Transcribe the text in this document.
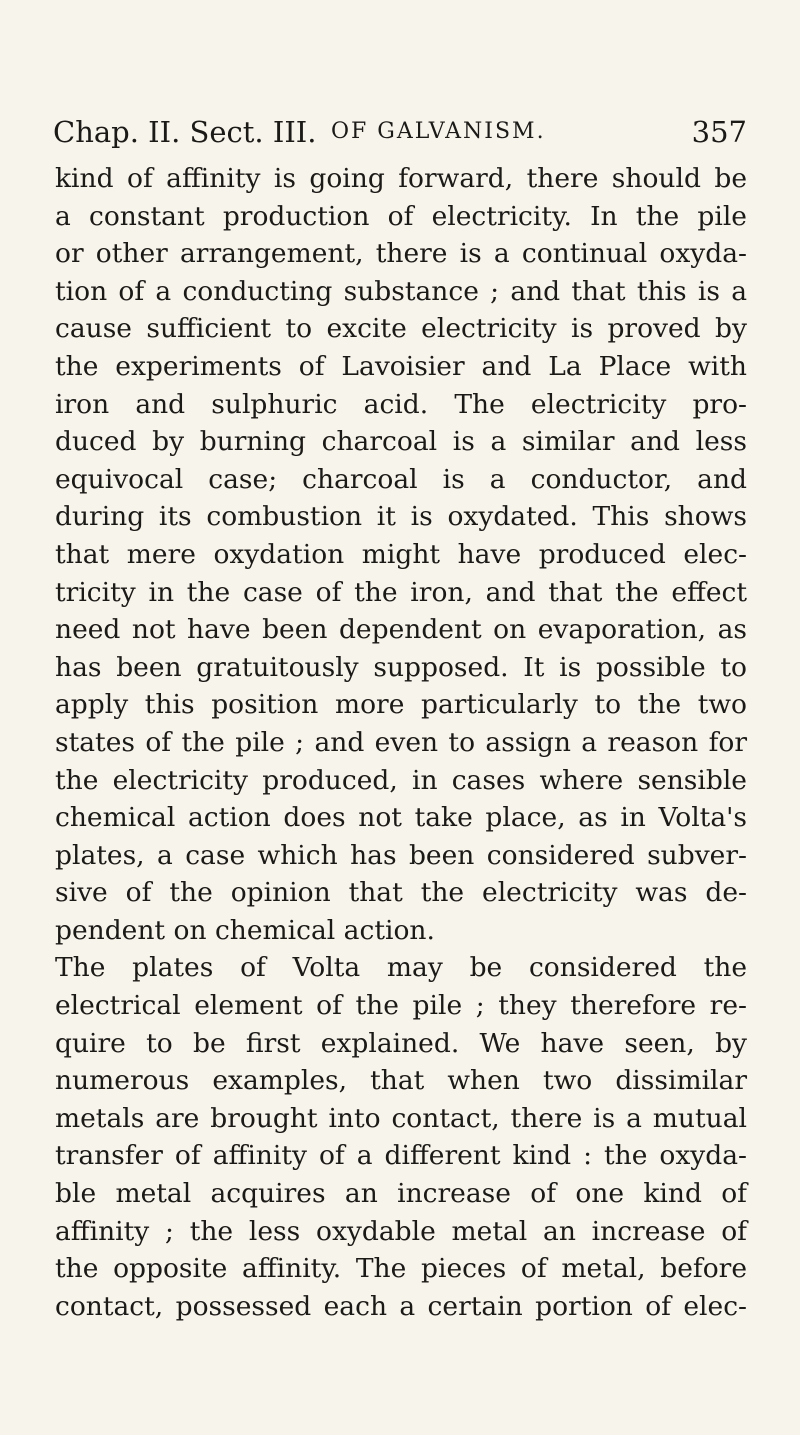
Chap. II. Sect. III. OF GALVANISM.	357
kind of affinity is going forward, there should be
a constant production of electricity. In the pile
or other arrangement, there is a continual oxyda-
tion of a conducting substance ; and that this is a
cause sufficient to excite electricity is proved by
the experiments of Lavoisier and La Place with
iron and sulphuric acid. The electricity pro-
duced by burning charcoal is a similar and less
equivocal case; charcoal is a conductor, and
during its combustion it is oxydated. This shows
that mere oxydation might have produced elec-
tricity in the case of the iron, and that the effect
need not have been dependent on evaporation, as
has been gratuitously supposed. It is possible to
apply this position more particularly to the two
states of the pile ; and even to assign a reason for
the electricity produced, in cases where sensible
chemical action does not take place, as in Volta's
plates, a case which has been considered subver-
sive of the opinion that the electricity was de-
pendent on chemical action.
The plates of Volta may be considered the
electrical element of the pile ; they therefore re-
quire to be first explained. We have seen, by
numerous examples, that when two dissimilar
metals are brought into contact, there is a mutual
transfer of affinity of a different kind : the oxyda-
ble metal acquires an increase of one kind of
affinity ; the less oxydable metal an increase of
the opposite affinity. The pieces of metal, before
contact, possessed each a certain portion of elec-
